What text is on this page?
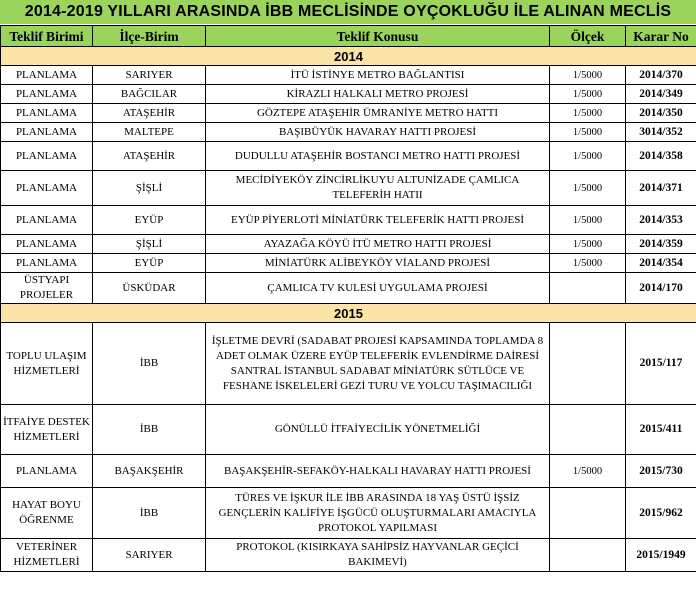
2014-2019 YILLARI ARASINDA İBB MECLİSİNDE OYÇOKLUĞU İLE ALINAN MECLİS
Teklif Birimi	İlçe-Birim	Teklif Konusu	Ölçek	Karar No
2014				
PLANLAMA	SARIYER	İTÜ İSTİNYE METRO BAĞLANTISI	1/5000	2014/370
PLANLAMA	BAĞCILAR	KİRAZLI HALKALI METRO PROJESİ	1/5000	2014/349
PLANLAMA	ATAŞEHİR	GÖZTEPE ATAŞEHİR ÜMRANİYE METRO HATTI	1/5000	2014/350
PLANLAMA	MALTEPE	BAŞIBÜYÜK HAVARAY HATTI PROJESİ	1/5000	3014/352
PLANLAMA	ATAŞEHİR	DUDULLU ATAŞEHİR BOSTANCI METRO HATTI PROJESİ	1/5000	2014/358
PLANLAMA	ŞİŞLİ	MECİDİYEKÖY ZİNCİRLİKUYU ALTUNİZADE ÇAMLICA TELEFERİH HATII	1/5000	2014/371
PLANLAMA	EYÜP	EYÜP PİYERLOTİ MİNİATÜRK TELEFERİK HATTI PROJESİ	1/5000	2014/353
PLANLAMA	ŞİŞLİ	AYAZAĞA KÖYÜ İTÜ METRO HATTI PROJESİ	1/5000	2014/359
PLANLAMA	EYÜP	MİNİATÜRK ALİBEYKÖY VİALAND PROJESİ	1/5000	2014/354
ÜSTYAPI PROJELER	ÜSKÜDAR	ÇAMLICA TV KULESİ UYGULAMA PROJESİ		2014/170
2015				
TOPLU ULAŞIM HİZMETLERİ	İBB	İŞLETME DEVRİ (SADABAT PROJESİ KAPSAMINDA TOPLAMDA 8 ADET OLMAK ÜZERE EYÜP TELEFERİK EVLENDİRME DAİRESİ SANTRAL İSTANBUL SADABAT MİNİATÜRK SÜTLÜCE VE FESHANE İSKELELERİ GEZİ TURU VE YOLCU TAŞIMACILIĞI		2015/117
İTFAİYE DESTEK HİZMETLERİ	İBB	GÖNÜLLÜ İTFAİYECİLİK YÖNETMELİĞİ		2015/411
PLANLAMA	BAŞAKŞEHİR	BAŞAKŞEHİR-SEFAKÖY-HALKALI HAVARAY HATTI PROJESİ	1/5000	2015/730
HAYAT BOYU ÖĞRENME	İBB	TÜRES VE İŞKUR İLE İBB ARASINDA 18 YAŞ ÜSTÜ İŞSİZ GENÇLERİN KALİFİYE İŞGÜCÜ OLUŞTURMALARI AMACIYLA PROTOKOL YAPILMASI		2015/962
VETERİNER HİZMETLERİ	SARIYER	PROTOKOL (KISIRKAYA SAHİPSİZ HAYVANLAR GEÇİCİ BAKIMEVİ)		2015/1949
